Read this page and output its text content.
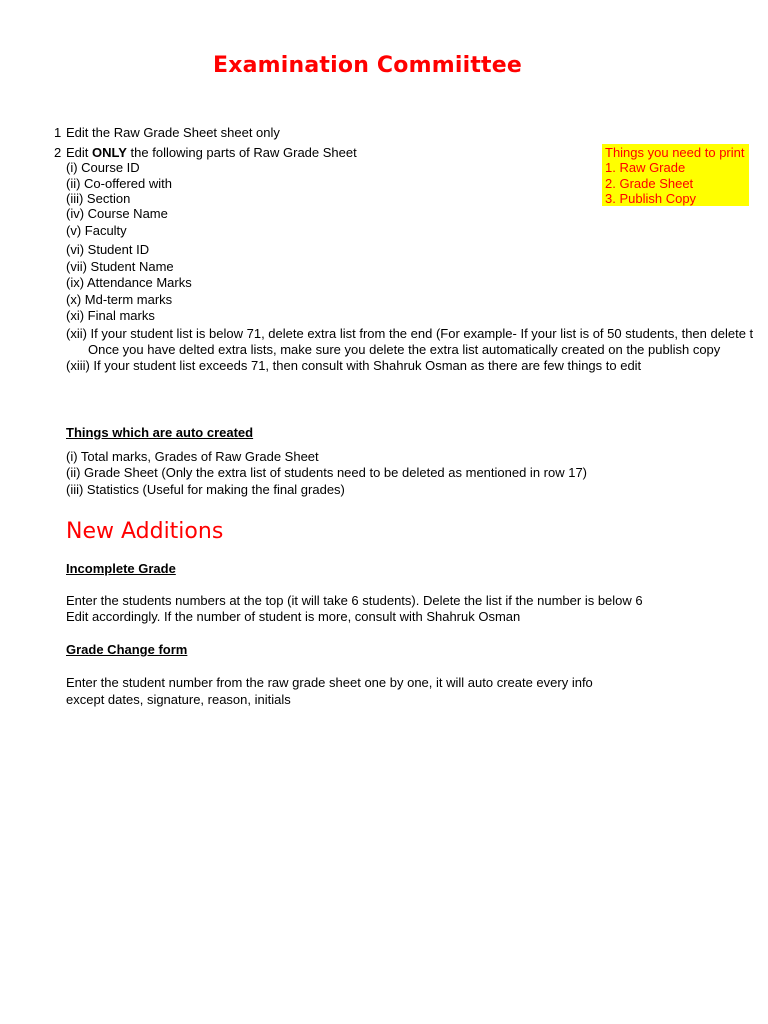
Examination Commiittee
1 Edit the Raw Grade Sheet sheet only
2 Edit ONLY the following parts of Raw Grade Sheet
(i) Course ID
(ii) Co-offered with
(iii) Section
(iv) Course Name
(v) Faculty
(vi) Student ID
(vii) Student Name
(ix) Attendance Marks
(x) Md-term marks
(xi) Final marks
(xii) If your student list is below 71, delete extra list from the end (For example- If your list is of 50 students, then delete t
Once you have delted extra lists, make sure you delete the extra list automatically created on the publish copy
(xiii) If your student list exceeds 71, then consult with Shahruk Osman as there are few things to edit
Things you need to print
1. Raw Grade
2. Grade Sheet
3. Publish Copy
Things which are auto created
(i) Total marks, Grades of Raw Grade Sheet
(ii) Grade Sheet (Only the extra list of students need to be deleted as mentioned in row 17)
(iii) Statistics (Useful for making the final grades)
New Additions
Incomplete Grade
Enter the students numbers at the top (it will take 6 students). Delete the list if the number is below 6
Edit accordingly. If the number of student is more, consult with Shahruk Osman
Grade Change form
Enter the student number from the raw grade sheet one by one, it will auto create every info
except dates, signature, reason, initials
